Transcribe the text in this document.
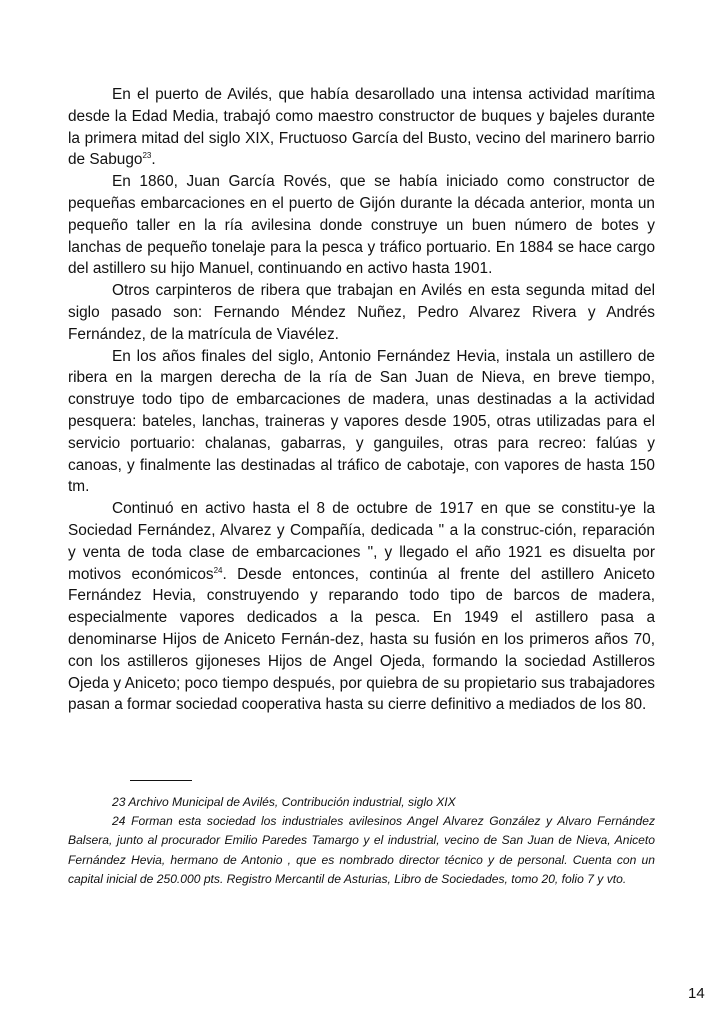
En el puerto de Avilés, que había desarollado una intensa actividad marítima desde la Edad Media, trabajó como maestro constructor de buques y bajeles durante la primera mitad del siglo XIX, Fructuoso García del Busto, vecino del marinero barrio de Sabugo$^{23}$.

En 1860, Juan García Rovés, que se había iniciado como constructor de pequeñas embarcaciones en el puerto de Gijón durante la década anterior, monta un pequeño taller en la ría avilesina donde construye un buen número de botes y lanchas de pequeño tonelaje para la pesca y tráfico portuario. En 1884 se hace cargo del astillero su hijo Manuel, continuando en activo hasta 1901.

Otros carpinteros de ribera que trabajan en Avilés en esta segunda mitad del siglo pasado son: Fernando Méndez Nuñez, Pedro Alvarez Rivera y Andrés Fernández, de la matrícula de Viavélez.

En los años finales del siglo, Antonio Fernández Hevia, instala un astillero de ribera en la margen derecha de la ría de San Juan de Nieva, en breve tiempo, construye todo tipo de embarcaciones de madera, unas destinadas a la actividad pesquera: bateles, lanchas, traineras y vapores desde 1905, otras utilizadas para el servicio portuario: chalanas, gabarras, y ganguiles, otras para recreo: falúas y canoas, y finalmente las destinadas al tráfico de cabotaje, con vapores de hasta 150 tm.

Continuó en activo hasta el 8 de octubre de 1917 en que se constitu-ye la Sociedad Fernández, Alvarez y Compañía, dedicada " a la construc-ción, reparación y venta de toda clase de embarcaciones ", y llegado el año 1921 es disuelta por motivos económicos$^{24}$. Desde entonces, continúa al frente del astillero Aniceto Fernández Hevia, construyendo y reparando todo tipo de barcos de madera, especialmente vapores dedicados a la pesca. En 1949 el astillero pasa a denominarse Hijos de Aniceto Fernán-dez, hasta su fusión en los primeros años 70, con los astilleros gijoneses Hijos de Angel Ojeda, formando la sociedad Astilleros Ojeda y Aniceto; poco tiempo después, por quiebra de su propietario sus trabajadores pasan a formar sociedad cooperativa hasta su cierre definitivo a mediados de los 80.

23 Archivo Municipal de Avilés, Contribución industrial, siglo XIX

24 Forman esta sociedad los industriales avilesinos Angel Alvarez González y Alvaro Fernández Balsera, junto al procurador Emilio Paredes Tamargo y el industrial, vecino de San Juan de Nieva, Aniceto Fernández Hevia, hermano de Antonio , que es nombrado director técnico y de personal. Cuenta con un capital inicial de 250.000 pts. Registro Mercantil de Asturias, Libro de Sociedades, tomo 20, folio 7 y vto.

14
